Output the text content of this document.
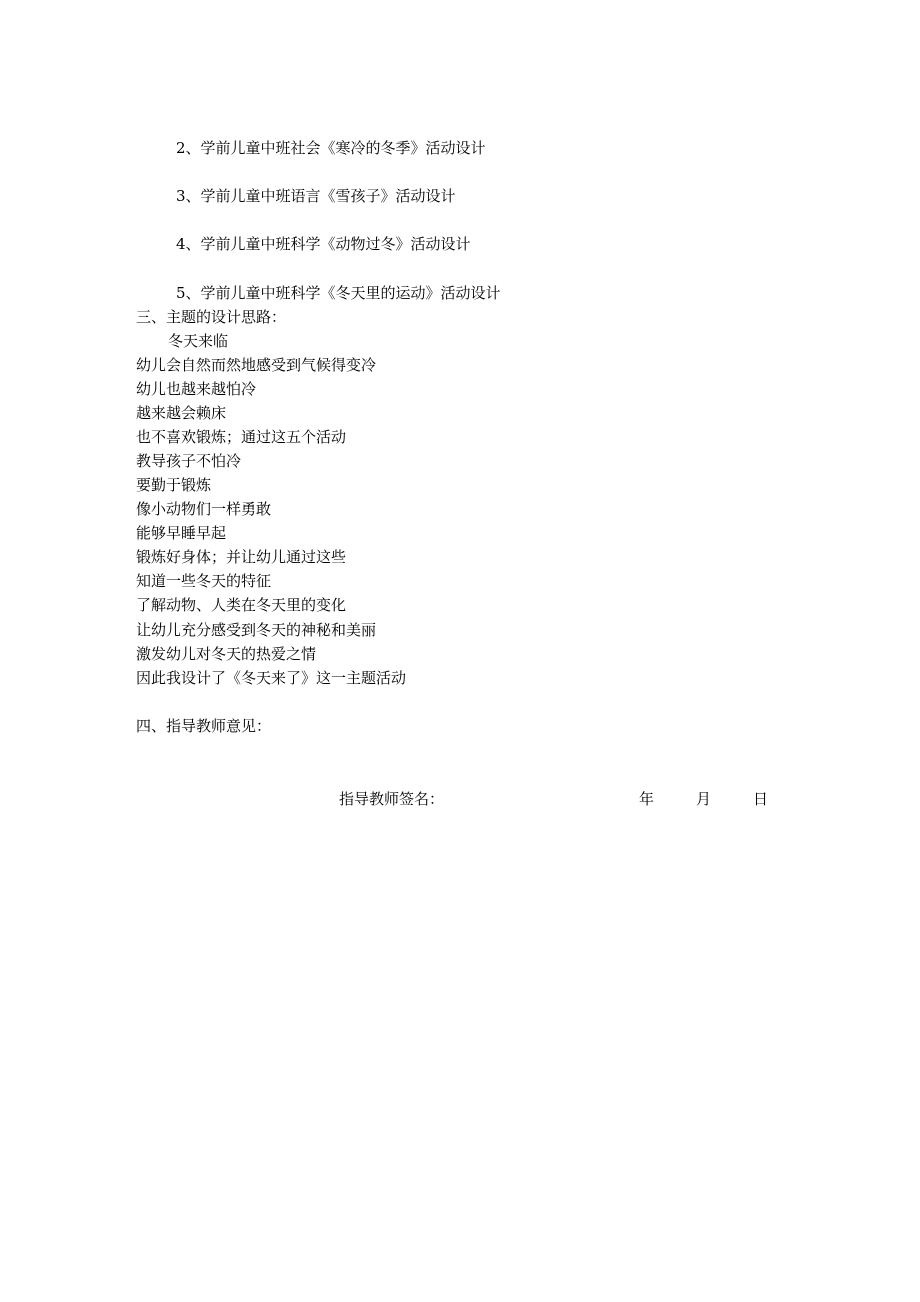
2、学前儿童中班社会《寒冷的冬季》活动设计
3、学前儿童中班语言《雪孩子》活动设计
4、学前儿童中班科学《动物过冬》活动设计
5、学前儿童中班科学《冬天里的运动》活动设计
三、主题的设计思路：
冬天来临
幼儿会自然而然地感受到气候得变冷
幼儿也越来越怕冷
越来越会赖床
也不喜欢锻炼；通过这五个活动
教导孩子不怕冷
要勤于锻炼
像小动物们一样勇敢
能够早睡早起
锻炼好身体；并让幼儿通过这些
知道一些冬天的特征
了解动物、人类在冬天里的变化
让幼儿充分感受到冬天的神秘和美丽
激发幼儿对冬天的热爱之情
因此我设计了《冬天来了》这一主题活动
四、指导教师意见：
指导教师签名：	年	月	日
